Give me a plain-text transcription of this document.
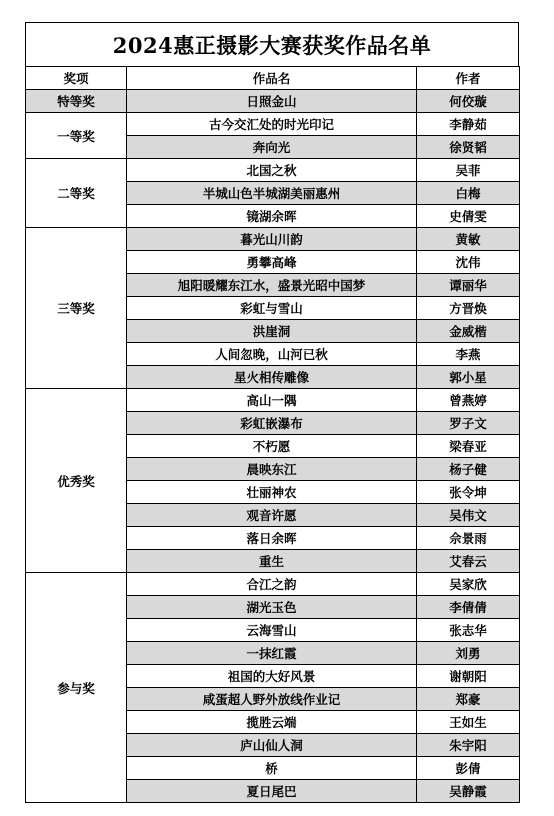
2024惠正摄影大赛获奖作品名单
奖项	作品名	作者
特等奖	日照金山	何佼璇
一等奖	古今交汇处的时光印记	李静茹
	奔向光	徐贤韬
二等奖	北国之秋	吴菲
	半城山色半城湖美丽惠州	白梅
	镜湖余晖	史倩雯
三等奖	暮光山川韵	黄敏
	勇攀高峰	沈伟
	旭阳暖耀东江水，盛景光昭中国梦	谭丽华
	彩虹与雪山	方晋焕
	洪崖洞	金威楷
	人间忽晚，山河已秋	李燕
	星火相传雕像	郭小星
优秀奖	高山一隅	曾燕婷
	彩虹嵌瀑布	罗子文
	不朽愿	梁春亚
	晨映东江	杨子健
	壮丽神农	张令坤
	观音许愿	吴伟文
	落日余晖	佘景雨
	重生	艾春云
参与奖	合江之韵	吴家欣
	湖光玉色	李倩倩
	云海雪山	张志华
	一抹红霞	刘勇
	祖国的大好风景	谢朝阳
	咸蛋超人野外放线作业记	郑豪
	揽胜云端	王如生
	庐山仙人洞	朱宇阳
	桥	彭倩
	夏日尾巴	吴静霞
